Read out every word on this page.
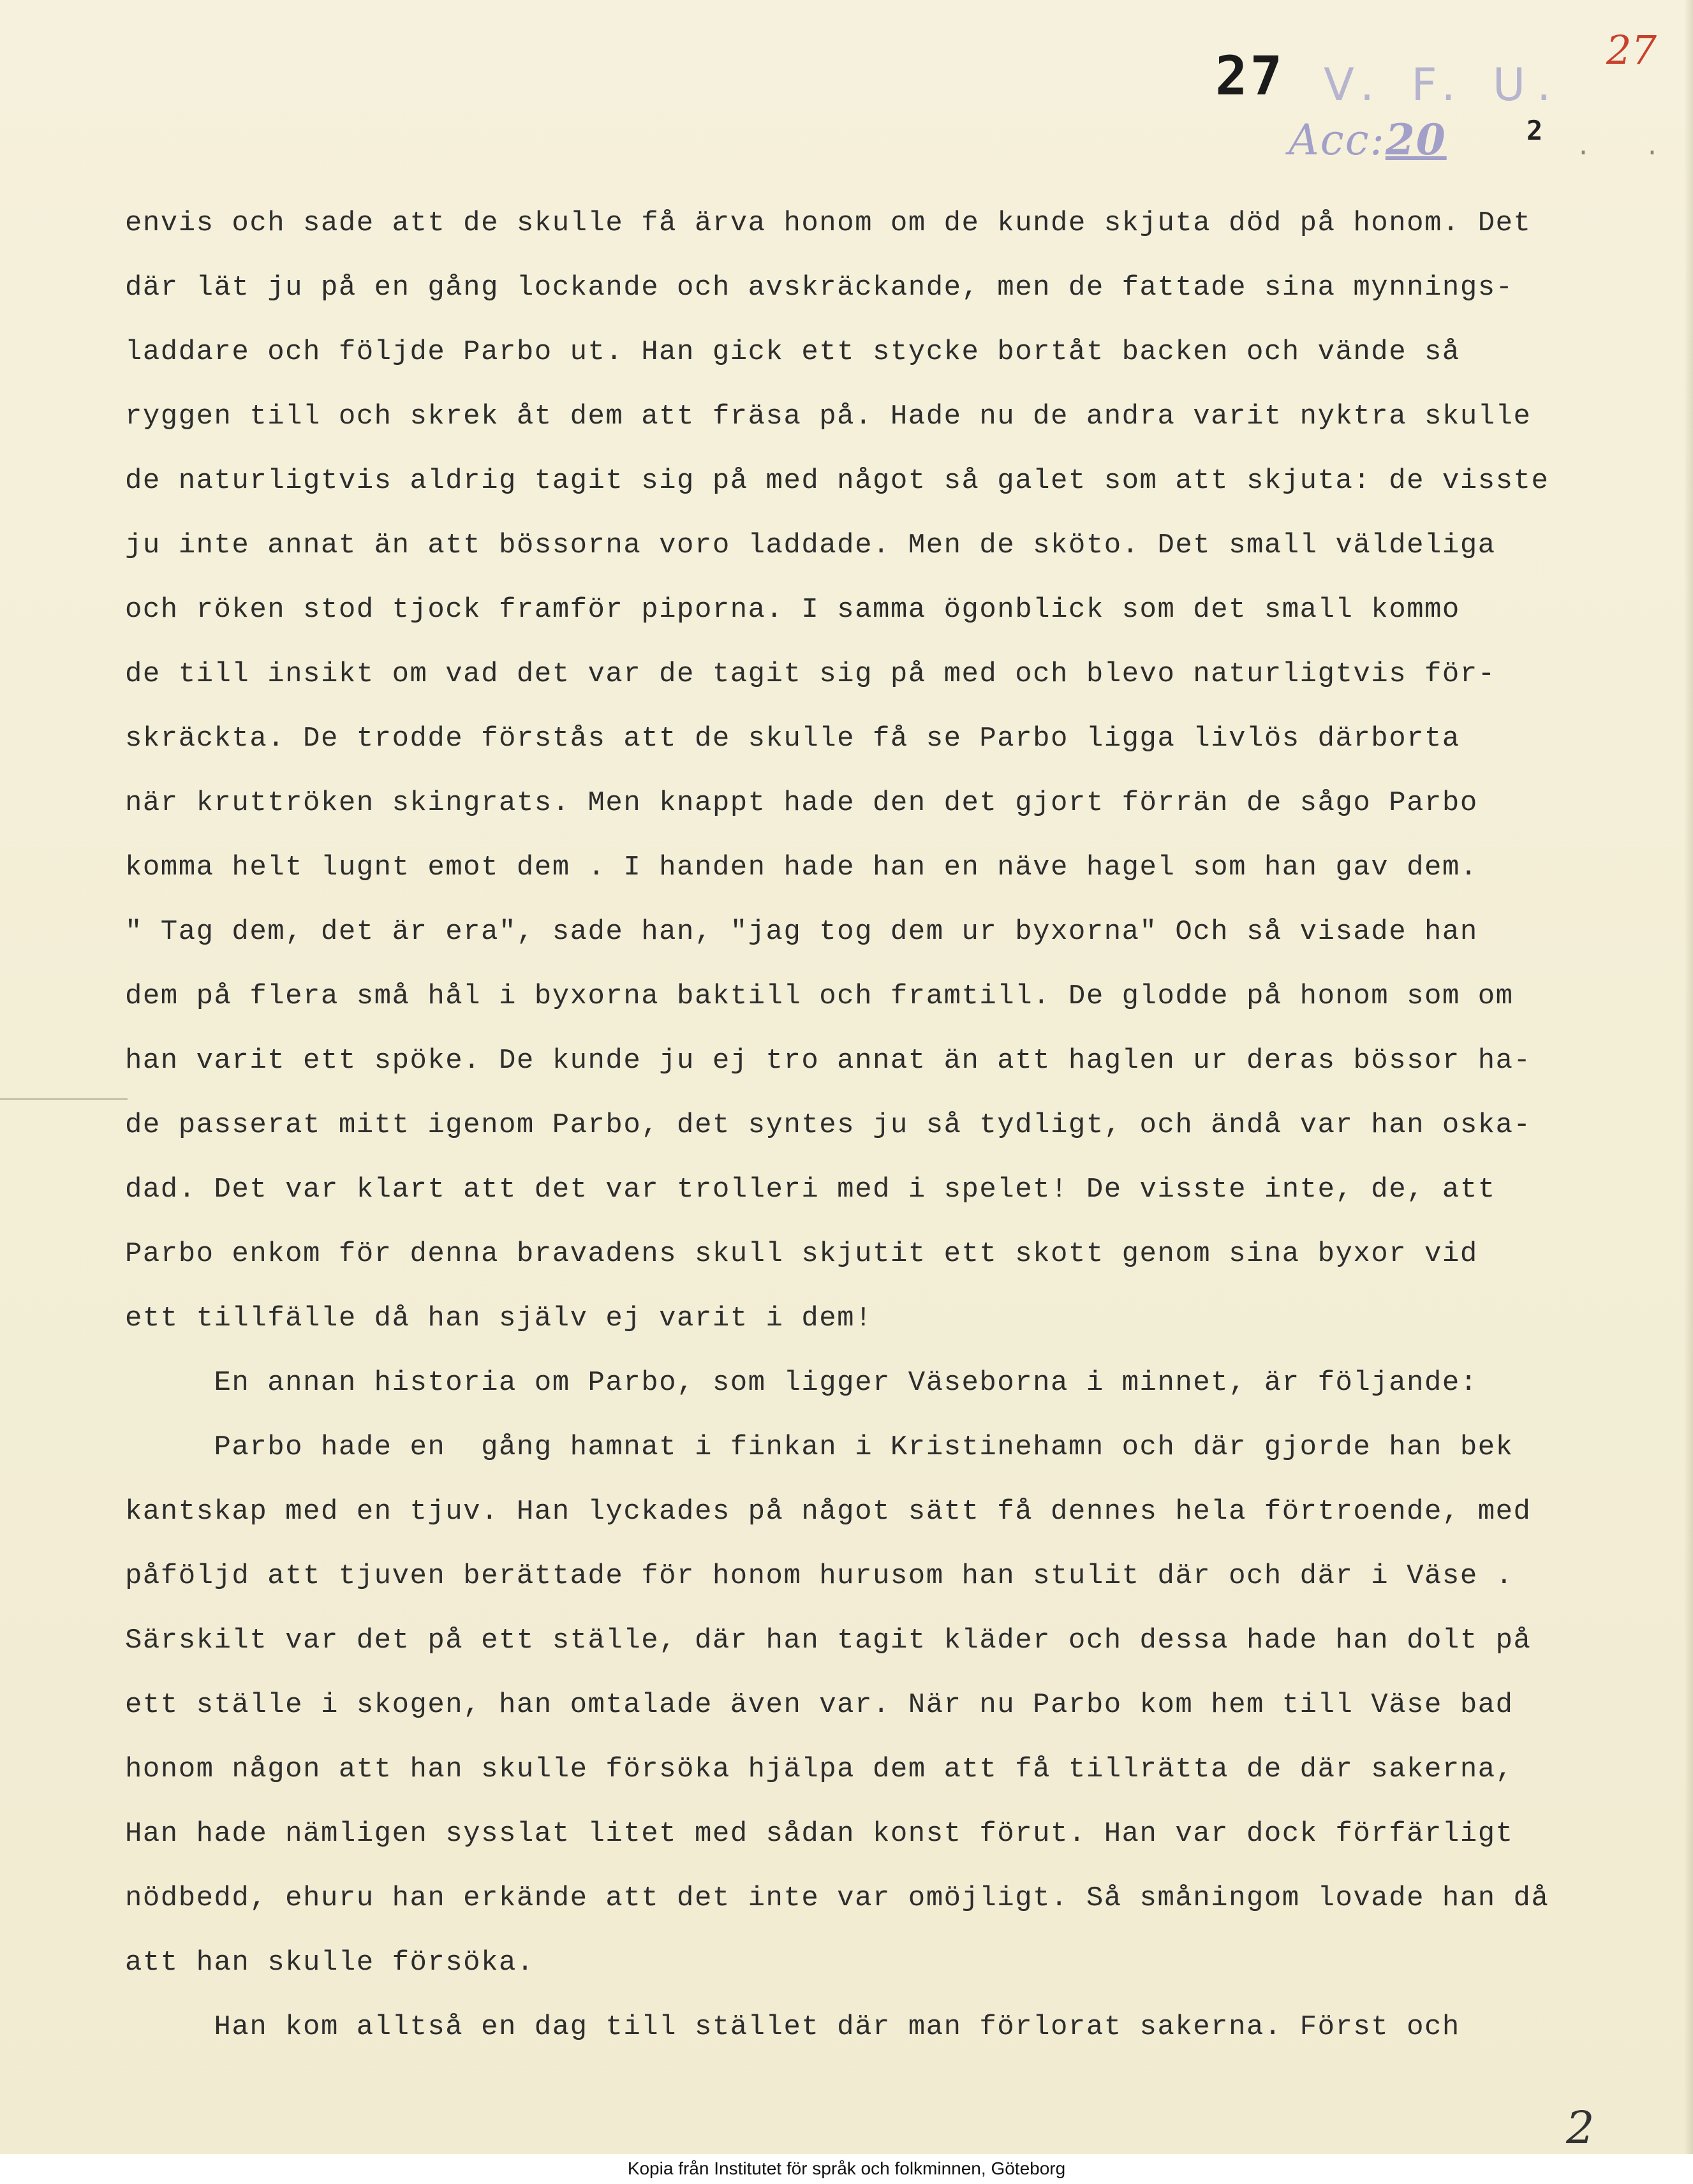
27 V. F. U.
Acc:20
27
2
. .
envis och sade att de skulle få ärva honom om de kunde skjuta död på honom. Det
där lät ju på en gång lockande och avskräckande, men de fattade sina mynnings-
laddare och följde Parbo ut. Han gick ett stycke bortåt backen och vände så
ryggen till och skrek åt dem att fräsa på. Hade nu de andra varit nyktra skulle
de naturligtvis aldrig tagit sig på med något så galet som att skjuta: de visste
ju inte annat än att bössorna voro laddade. Men de sköto. Det small väldeliga
och röken stod tjock framför piporna. I samma ögonblick som det small kommo
de till insikt om vad det var de tagit sig på med och blevo naturligtvis för-
skräckta. De trodde förstås att de skulle få se Parbo ligga livlös därborta
när kruttröken skingrats. Men knappt hade den det gjort förrän de sågo Parbo
komma helt lugnt emot dem . I handen hade han en näve hagel som han gav dem.
" Tag dem, det är era", sade han, "jag tog dem ur byxorna" Och så visade han
dem på flera små hål i byxorna baktill och framtill. De glodde på honom som om
han varit ett spöke. De kunde ju ej tro annat än att haglen ur deras bössor ha-
de passerat mitt igenom Parbo, det syntes ju så tydligt, och ändå var han oska-
dad. Det var klart att det var trolleri med i spelet! De visste inte, de, att
Parbo enkom för denna bravadens skull skjutit ett skott genom sina byxor vid
ett tillfälle då han själv ej varit i dem!
En annan historia om Parbo, som ligger Väseborna i minnet, är följande:
Parbo hade en  gång hamnat i finkan i Kristinehamn och där gjorde han bek
kantskap med en tjuv. Han lyckades på något sätt få dennes hela förtroende, med
påföljd att tjuven berättade för honom hurusom han stulit där och där i Väse .
Särskilt var det på ett ställe, där han tagit kläder och dessa hade han dolt på
ett ställe i skogen, han omtalade även var. När nu Parbo kom hem till Väse bad
honom någon att han skulle försöka hjälpa dem att få tillrätta de där sakerna,
Han hade nämligen sysslat litet med sådan konst förut. Han var dock förfärligt
nödbedd, ehuru han erkände att det inte var omöjligt. Så småningom lovade han då
att han skulle försöka.
Han kom alltså en dag till stället där man förlorat sakerna. Först och
2
Kopia från Institutet för språk och folkminnen, Göteborg
